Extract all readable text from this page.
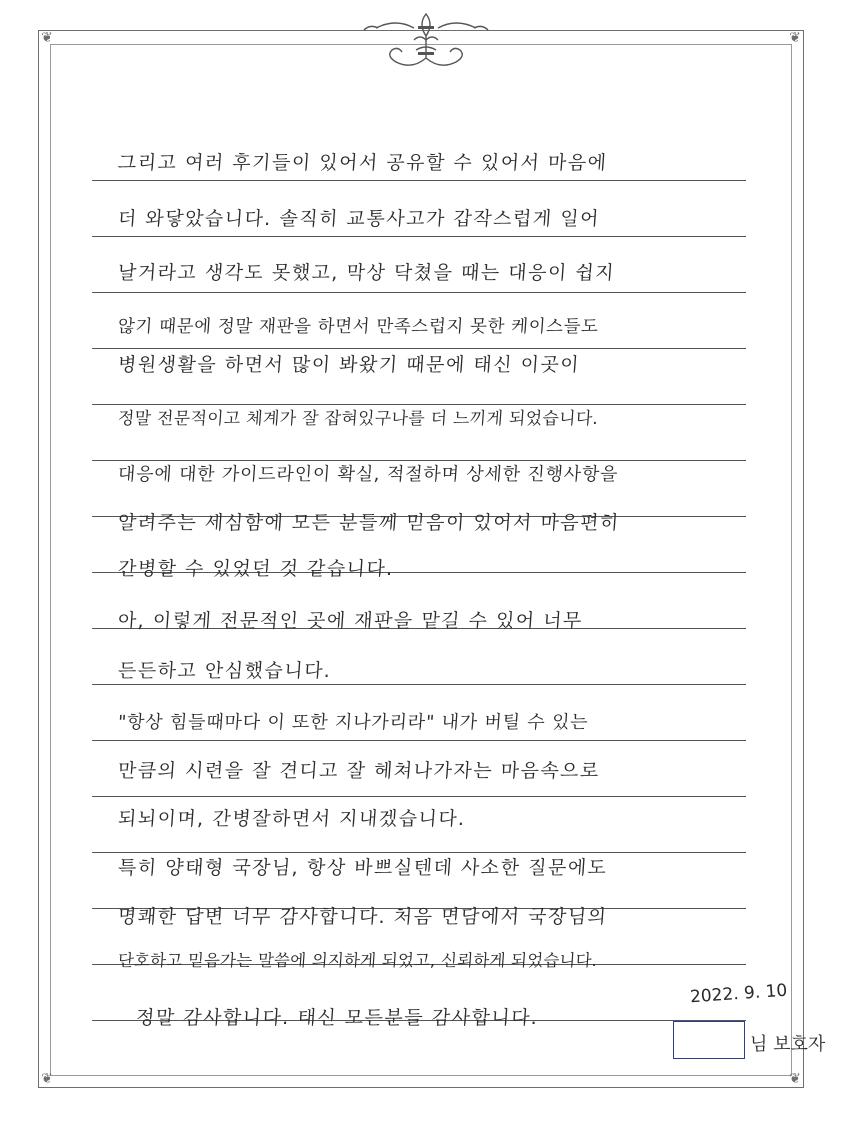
❦	❦
❦	❦
그리고 여러 후기들이 있어서 공유할 수 있어서 마음에
더 와닿았습니다. 솔직히 교통사고가 갑작스럽게 일어
날거라고 생각도 못했고, 막상 닥쳤을 때는 대응이 쉽지
않기 때문에 정말 재판을 하면서 만족스럽지 못한 케이스들도
병원생활을 하면서 많이 봐왔기 때문에 태신 이곳이
정말 전문적이고 체계가 잘 잡혀있구나를 더 느끼게 되었습니다.
대응에 대한 가이드라인이 확실, 적절하며 상세한 진행사항을
알려주는 세심함에 모든 분들께 믿음이 있어서 마음편히
간병할 수 있었던 것 같습니다.
아, 이렇게 전문적인 곳에 재판을 맡길 수 있어 너무
든든하고 안심했습니다.
"항상 힘들때마다 이 또한 지나가리라" 내가 버틸 수 있는
만큼의 시련을 잘 견디고 잘 헤쳐나가자는 마음속으로
되뇌이며, 간병잘하면서 지내겠습니다.
특히 양태형 국장님, 항상 바쁘실텐데 사소한 질문에도
명쾌한 답변 너무 감사합니다. 처음 면담에서 국장님의
단호하고 믿음가는 말씀에 의지하게 되었고, 신뢰하게 되었습니다.
정말 감사합니다. 태신 모든분들 감사합니다.
2022. 9. 10
님 보호자
